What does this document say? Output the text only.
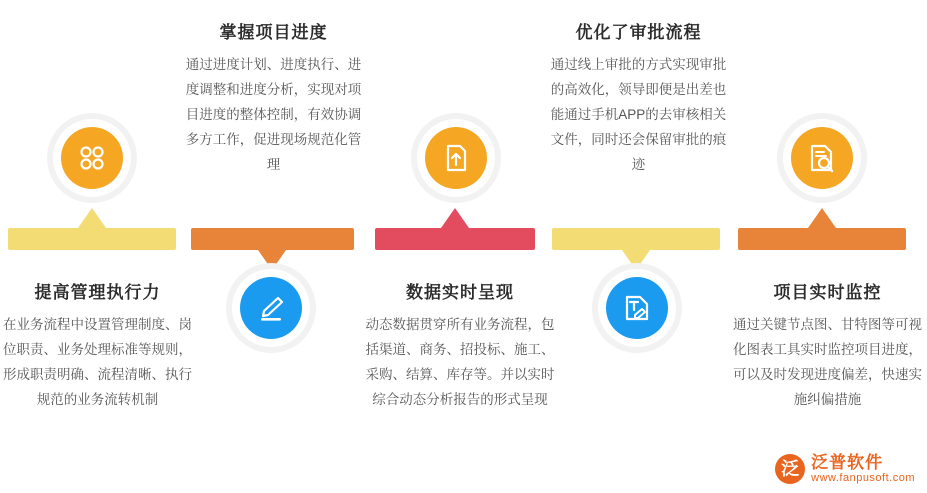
提高管理执行力
在业务流程中设置管理制度、岗位职责、业务处理标准等规则，形成职责明确、流程清晰、执行规范的业务流转机制
掌握项目进度
通过进度计划、进度执行、进度调整和进度分析，实现对项目进度的整体控制，有效协调多方工作，促进现场规范化管理
数据实时呈现
动态数据贯穿所有业务流程，包括渠道、商务、招投标、施工、采购、结算、库存等。并以实时综合动态分析报告的形式呈现
优化了审批流程
通过线上审批的方式实现审批的高效化，领导即便是出差也能通过手机APP的去审核相关文件，同时还会保留审批的痕迹
项目实时监控
通过关键节点图、甘特图等可视化图表工具实时监控项目进度，可以及时发现进度偏差，快速实施纠偏措施
泛 泛普软件
www.fanpusoft.com
